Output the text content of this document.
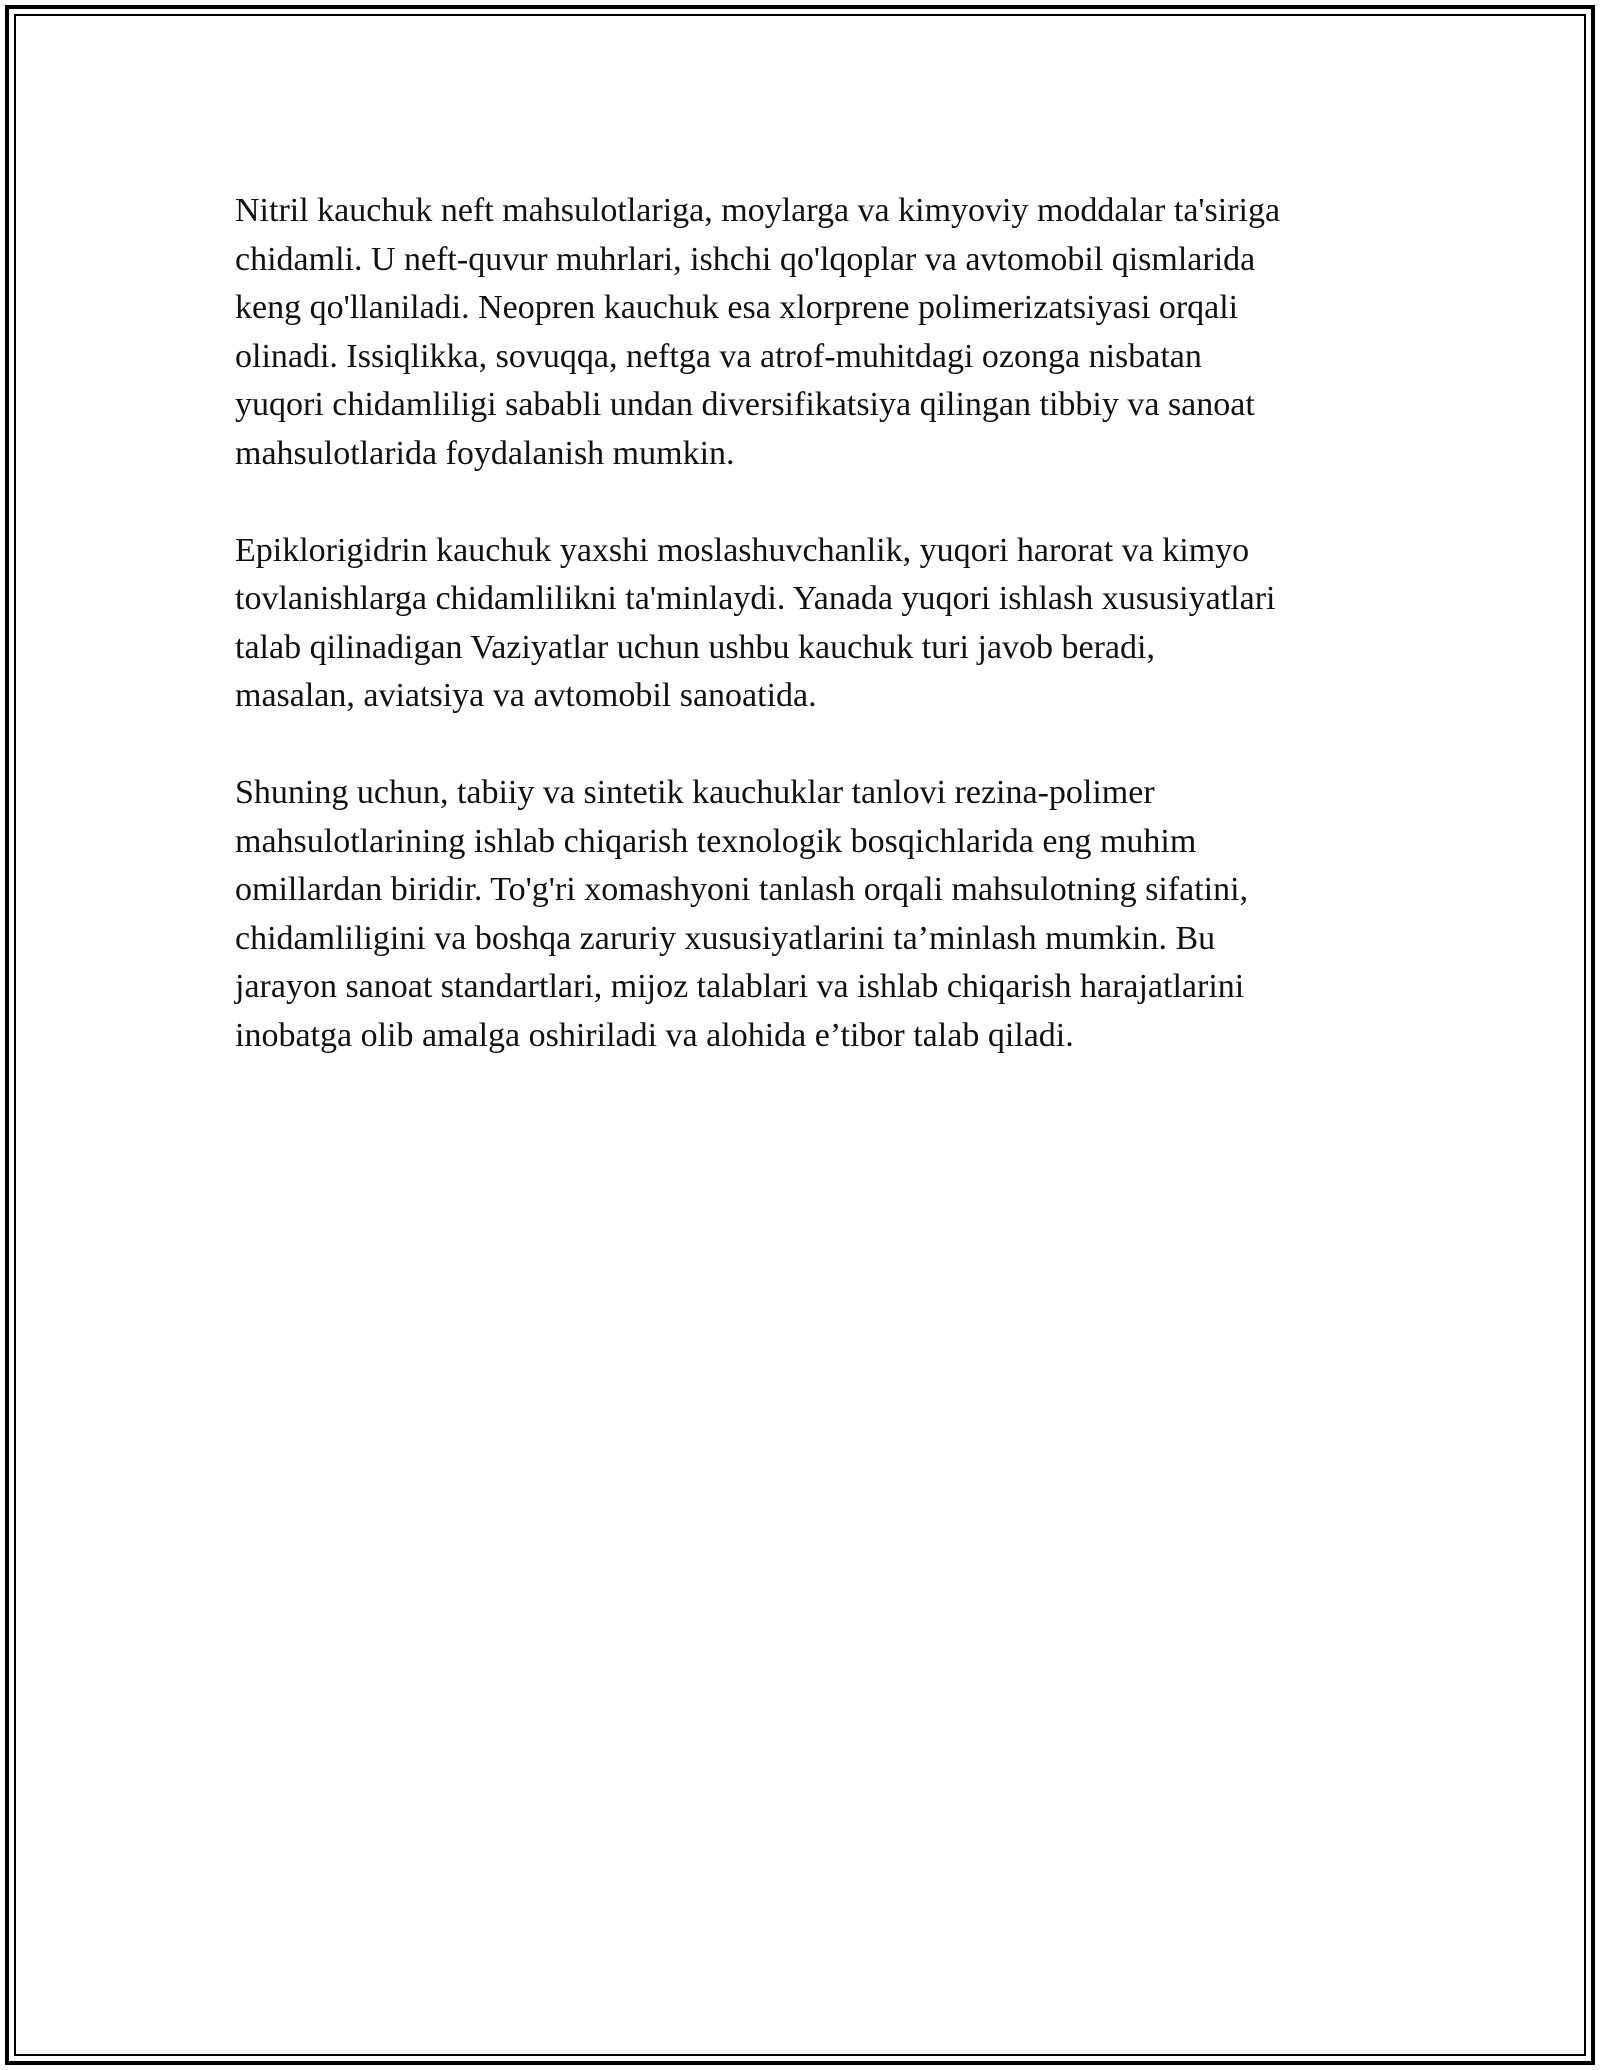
Nitril kauchuk neft mahsulotlariga, moylarga va kimyoviy moddalar ta'siriga
chidamli. U neft-quvur muhrlari, ishchi qo'lqoplar va avtomobil qismlarida
keng qo'llaniladi. Neopren kauchuk esa xlorprene polimerizatsiyasi orqali
olinadi. Issiqlikka, sovuqqa, neftga va atrof-muhitdagi ozonga nisbatan
yuqori chidamliligi sababli undan diversifikatsiya qilingan tibbiy va sanoat
mahsulotlarida foydalanish mumkin.

Epiklorigidrin kauchuk yaxshi moslashuvchanlik, yuqori harorat va kimyo
tovlanishlarga chidamlilikni ta'minlaydi. Yanada yuqori ishlash xususiyatlari
talab qilinadigan Vaziyatlar uchun ushbu kauchuk turi javob beradi,
masalan, aviatsiya va avtomobil sanoatida.

Shuning uchun, tabiiy va sintetik kauchuklar tanlovi rezina-polimer
mahsulotlarining ishlab chiqarish texnologik bosqichlarida eng muhim
omillardan biridir. To'g'ri xomashyoni tanlash orqali mahsulotning sifatini,
chidamliligini va boshqa zaruriy xususiyatlarini ta’minlash mumkin. Bu
jarayon sanoat standartlari, mijoz talablari va ishlab chiqarish harajatlarini
inobatga olib amalga oshiriladi va alohida e’tibor talab qiladi.
